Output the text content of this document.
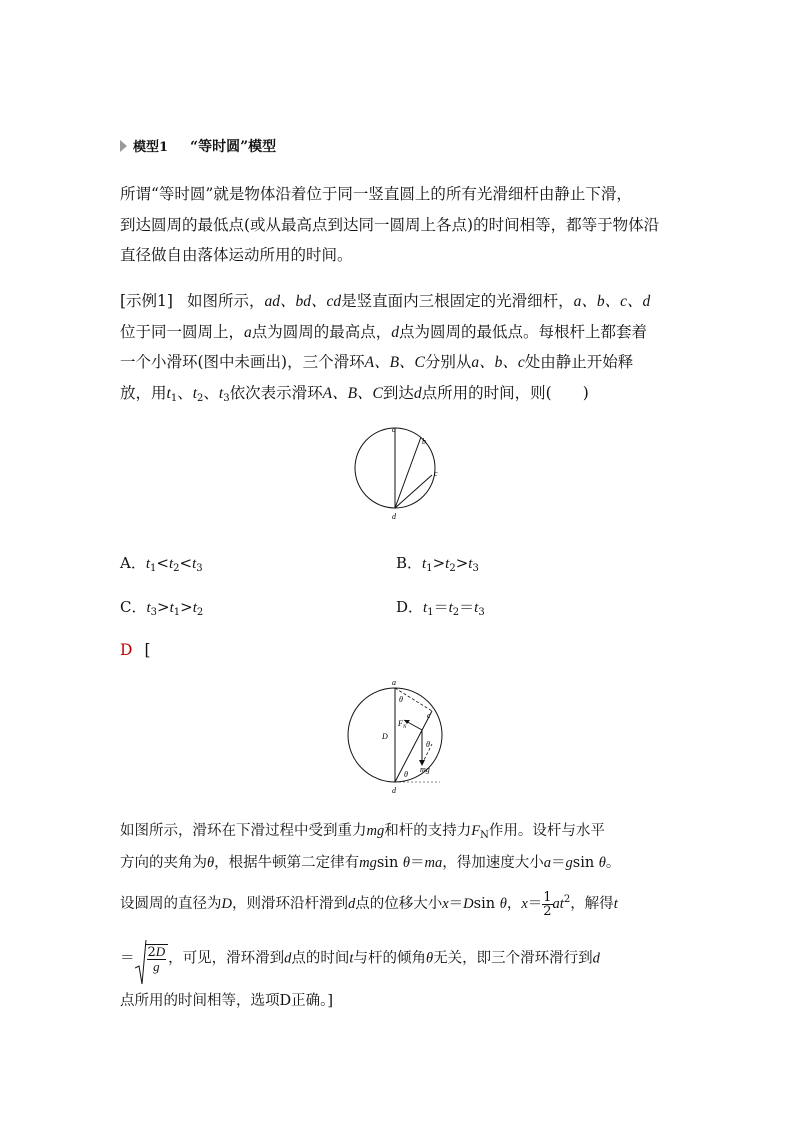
模型1 “等时圆”模型
所谓“等时圆”就是物体沿着位于同一竖直圆上的所有光滑细杆由静止下滑，
到达圆周的最低点(或从最高点到达同一圆周上各点)的时间相等，都等于物体沿
直径做自由落体运动所用的时间。
[示例1] 如图所示，ad、bd、cd是竖直面内三根固定的光滑细杆，a、b、c、d
位于同一圆周上，a点为圆周的最高点，d点为圆周的最低点。每根杆上都套着
一个小滑环(图中未画出)，三个滑环A、B、C分别从a、b、c处由静止开始释
放，用$t_1$、$t_2$、$t_3$依次表示滑环A、B、C到达d点所用的时间，则(　　)
a
b
c
d
A．$t_1<t_2<t_3$	B．$t_1>t_2>t_3$
C．$t_3>t_1>t_2$	D．$t_1=t_2=t_3$
D [
a
θ
F N
c
θ
D
θ
mg
d
如图所示，滑环在下滑过程中受到重力mg和杆的支持力$F_N$作用。设杆与水平
方向的夹角为θ，根据牛顿第二定律有mgsin θ＝ma，得加速度大小a＝gsin θ。
设圆周的直径为D，则滑环沿杆滑到d点的位移大小x＝Dsin θ，$x= \frac{1}{2} at^2$，解得t
＝ $\frac{2D}{g}$ ，可见，滑环滑到d点的时间t与杆的倾角θ无关，即三个滑环滑行到d
点所用的时间相等，选项D正确。]
